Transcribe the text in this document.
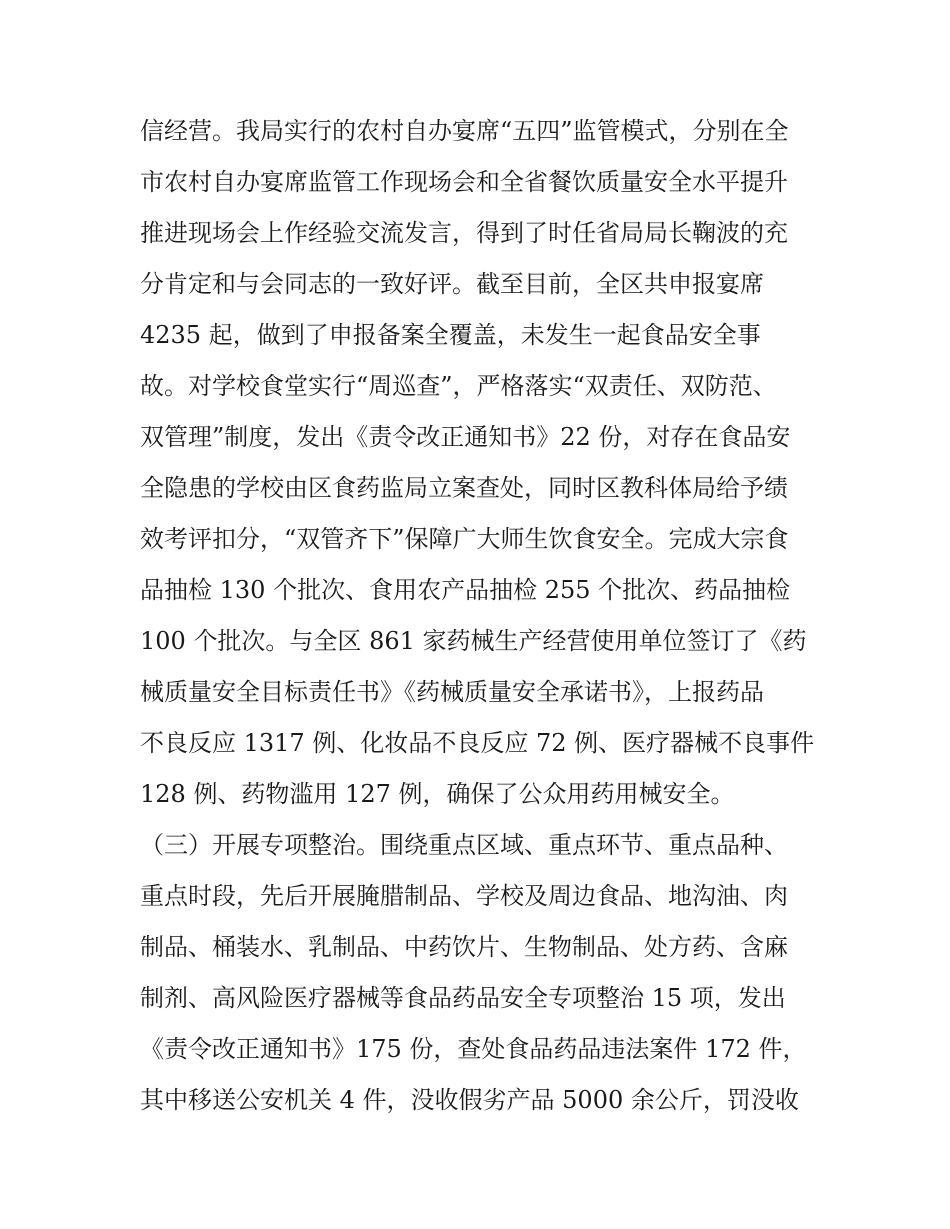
信经营。我局实行的农村自办宴席“五四”监管模式，分别在全
市农村自办宴席监管工作现场会和全省餐饮质量安全水平提升
推进现场会上作经验交流发言，得到了时任省局局长鞠波的充
分肯定和与会同志的一致好评。截至目前，全区共申报宴席
4235 起，做到了申报备案全覆盖，未发生一起食品安全事
故。对学校食堂实行“周巡查”，严格落实“双责任、双防范、
双管理”制度，发出《责令改正通知书》22 份，对存在食品安
全隐患的学校由区食药监局立案查处，同时区教科体局给予绩
效考评扣分，“双管齐下”保障广大师生饮食安全。完成大宗食
品抽检 130 个批次、食用农产品抽检 255 个批次、药品抽检
100 个批次。与全区 861 家药械生产经营使用单位签订了《药
械质量安全目标责任书》《药械质量安全承诺书》，上报药品
不良反应 1317 例、化妆品不良反应 72 例、医疗器械不良事件
128 例、药物滥用 127 例，确保了公众用药用械安全。
（三）开展专项整治。围绕重点区域、重点环节、重点品种、
重点时段，先后开展腌腊制品、学校及周边食品、地沟油、肉
制品、桶装水、乳制品、中药饮片、生物制品、处方药、含麻
制剂、高风险医疗器械等食品药品安全专项整治 15 项，发出
《责令改正通知书》175 份，查处食品药品违法案件 172 件，
其中移送公安机关 4 件，没收假劣产品 5000 余公斤，罚没收
